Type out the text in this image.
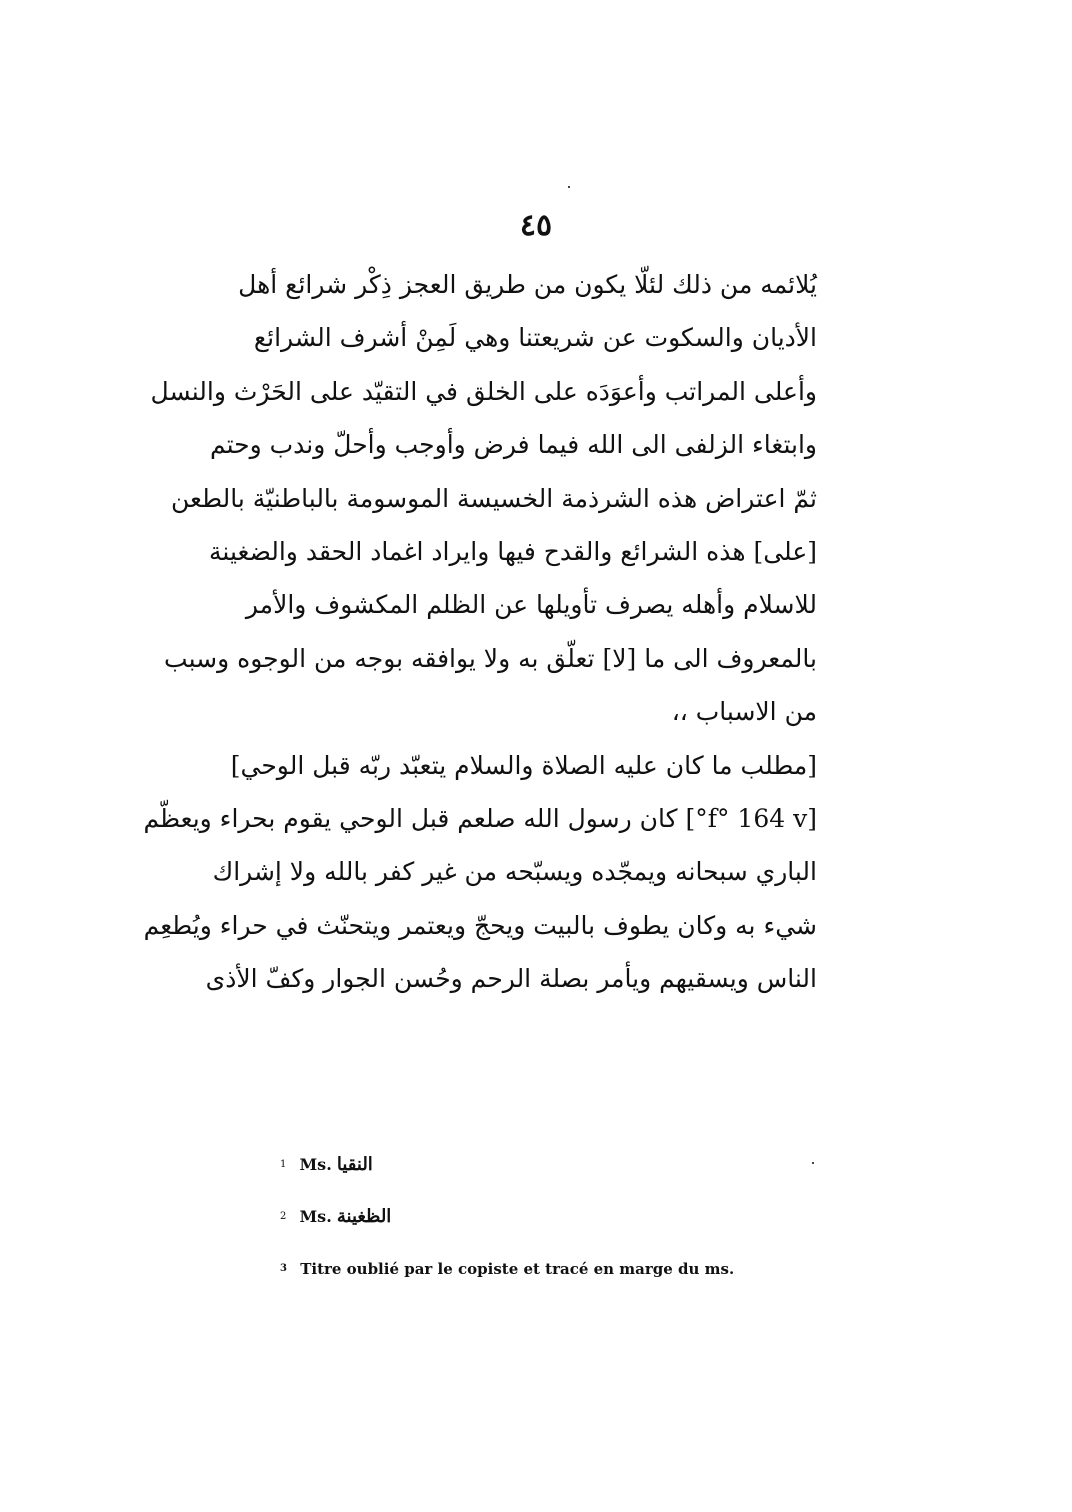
٤٥
يُلائمه من ذلك لئلّا يكون من طريق العجز ذِكْر شرائع أهل
الأديان والسكوت عن شريعتنا وهي لَمِنْ أشرف الشرائع
وأعلى المراتب وأعوَدَه على الخلق في التقيّد على الحَرْث والنسل
وابتغاء الزلفى الى الله فيما فرض وأوجب وأحلّ وندب وحتم
ثمّ اعتراض هذه الشرذمة الخسيسة الموسومة بالباطنيّة بالطعن
[على] هذه الشرائع والقدح فيها وايراد اغماد الحقد والضغينة
للاسلام وأهله يصرف تأويلها عن الظلم المكشوف والأمر
بالمعروف الى ما [لا] تعلّق به ولا يوافقه بوجه من الوجوه وسبب
من الاسباب ،،
[مطلب ما كان عليه الصلاة والسلام يتعبّد ربّه قبل الوحي]
[f° 164 v°] كان رسول الله صلعم قبل الوحي يقوم بحراء ويعظّم
الباري سبحانه ويمجّده ويسبّحه من غير كفر بالله ولا إشراك
شيء به وكان يطوف بالبيت ويحجّ ويعتمر ويتحنّث في حراء ويُطعِم
الناس ويسقيهم ويأمر بصلة الرحم وحُسن الجوار وكفّ الأذى
$^1$ Ms. النقيا
$^2$ Ms. الظغينة
$^3$ Titre oublié par le copiste et tracé en marge du ms.
